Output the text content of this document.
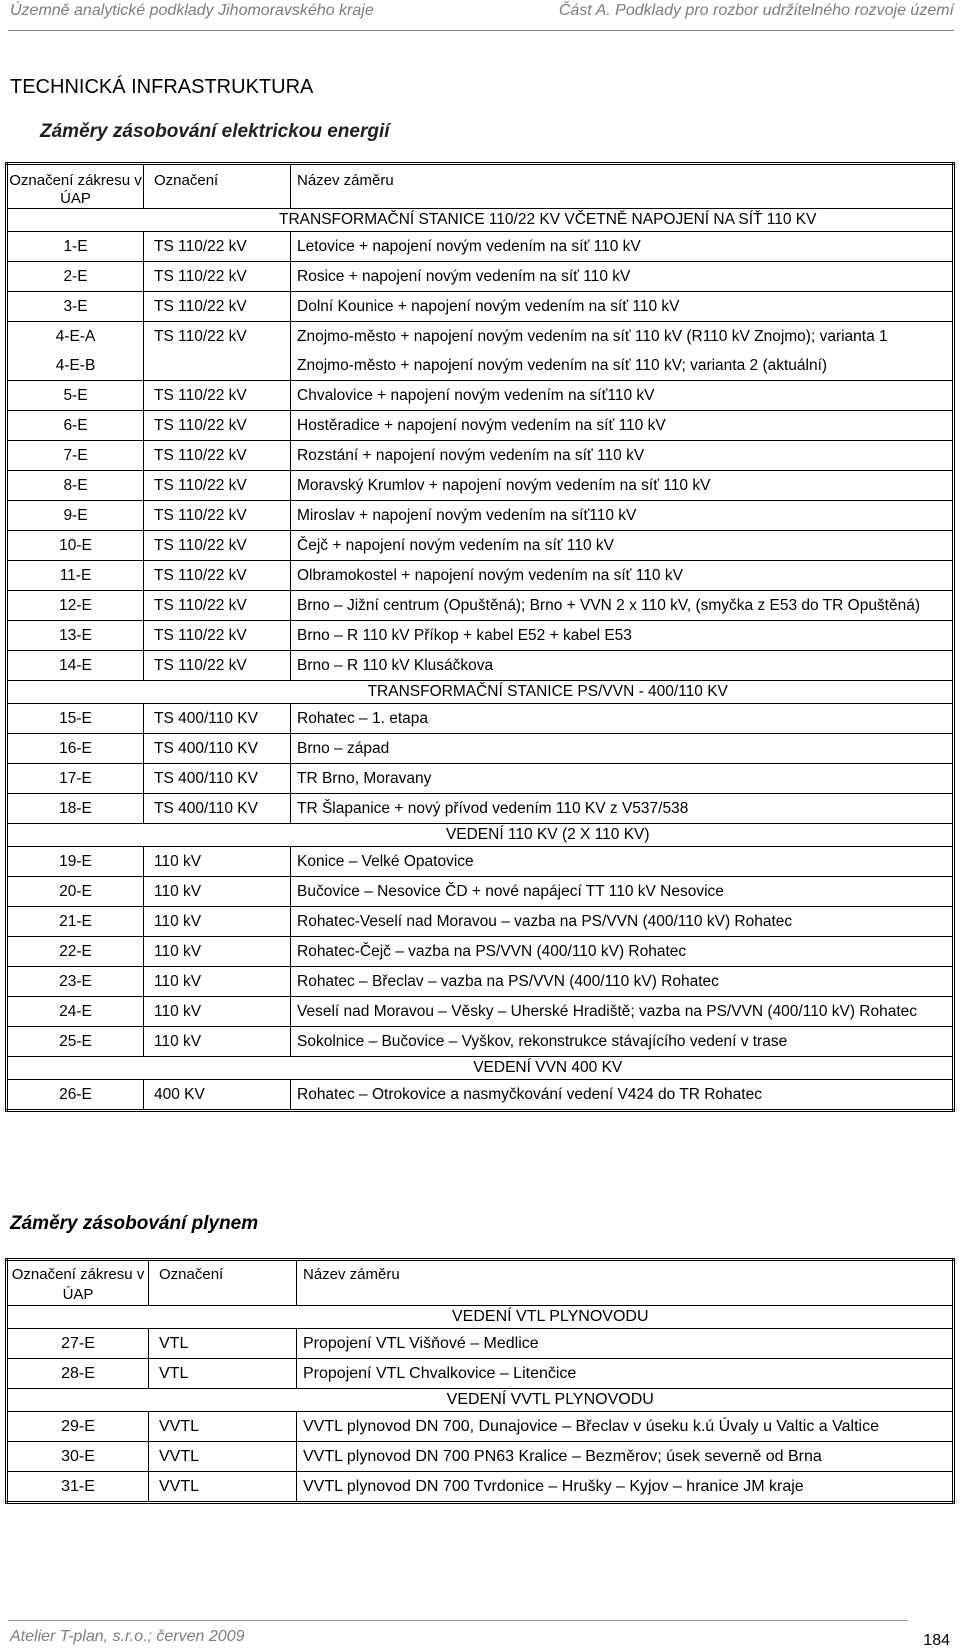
Územně analytické podklady Jihomoravského kraje	Část A. Podklady pro rozbor udržitelného rozvoje území
TECHNICKÁ INFRASTRUKTURA
Záměry zásobování elektrickou energií
Označení zákresu v ÚAP	Označení	Název záměru
	TRANSFORMAČNÍ STANICE 110/22 KV VČETNĚ NAPOJENÍ NA SÍŤ 110 KV	
1-E	TS 110/22 kV	Letovice + napojení novým vedením na síť 110 kV
2-E	TS 110/22 kV	Rosice + napojení novým vedením na síť 110 kV
3-E	TS 110/22 kV	Dolní Kounice + napojení novým vedením na síť 110 kV
4-E-A	TS 110/22 kV	Znojmo-město + napojení novým vedením na síť 110 kV (R110 kV Znojmo); varianta 1
4-E-B		Znojmo-město + napojení novým vedením na síť 110 kV; varianta 2 (aktuální)
5-E	TS 110/22 kV	Chvalovice + napojení novým vedením na síť110 kV
6-E	TS 110/22 kV	Hostěradice + napojení novým vedením na síť 110 kV
7-E	TS 110/22 kV	Rozstání + napojení novým vedením na síť 110 kV
8-E	TS 110/22 kV	Moravský Krumlov + napojení novým vedením na síť 110 kV
9-E	TS 110/22 kV	Miroslav + napojení novým vedením na síť110 kV
10-E	TS 110/22 kV	Čejč + napojení novým vedením na síť 110 kV
11-E	TS 110/22 kV	Olbramokostel + napojení novým vedením na síť 110 kV
12-E	TS 110/22 kV	Brno – Jižní centrum (Opuštěná); Brno + VVN 2 x 110 kV, (smyčka z E53 do TR Opuštěná)
13-E	TS 110/22 kV	Brno – R 110 kV Příkop + kabel E52 + kabel E53
14-E	TS 110/22 kV	Brno – R 110 kV Klusáčkova
	TRANSFORMAČNÍ STANICE PS/VVN - 400/110 KV	
15-E	TS 400/110 KV	Rohatec – 1. etapa
16-E	TS 400/110 KV	Brno – západ
17-E	TS 400/110 KV	TR Brno, Moravany
18-E	TS 400/110 KV	TR Šlapanice + nový přívod vedením 110 KV z V537/538
	VEDENÍ 110 KV (2 X 110 KV)	
19-E	110 kV	Konice – Velké Opatovice
20-E	110 kV	Bučovice – Nesovice ČD + nové napájecí TT 110 kV Nesovice
21-E	110 kV	Rohatec-Veselí nad Moravou – vazba na PS/VVN (400/110 kV) Rohatec
22-E	110 kV	Rohatec-Čejč – vazba na PS/VVN (400/110 kV) Rohatec
23-E	110 kV	Rohatec – Břeclav – vazba na PS/VVN (400/110 kV) Rohatec
24-E	110 kV	Veselí nad Moravou – Věsky – Uherské Hradiště; vazba na PS/VVN (400/110 kV) Rohatec
25-E	110 kV	Sokolnice – Bučovice – Vyškov, rekonstrukce stávajícího vedení v trase
	VEDENÍ VVN 400 KV	
26-E	400 KV	Rohatec – Otrokovice a nasmyčkování vedení V424 do TR Rohatec
Záměry zásobování plynem
Označení zákresu v ÚAP	Označení	Název záměru
	VEDENÍ VTL PLYNOVODU	
27-E	VTL	Propojení VTL Višňové – Medlice
28-E	VTL	Propojení VTL Chvalkovice – Litenčice
	VEDENÍ VVTL PLYNOVODU	
29-E	VVTL	VVTL plynovod DN 700, Dunajovice – Břeclav v úseku k.ú Úvaly u Valtic a Valtice
30-E	VVTL	VVTL plynovod DN 700 PN63 Kralice – Bezměrov; úsek severně od Brna
31-E	VVTL	VVTL plynovod DN 700 Tvrdonice – Hrušky – Kyjov – hranice JM kraje
Atelier T-plan, s.r.o.; červen 2009	184
